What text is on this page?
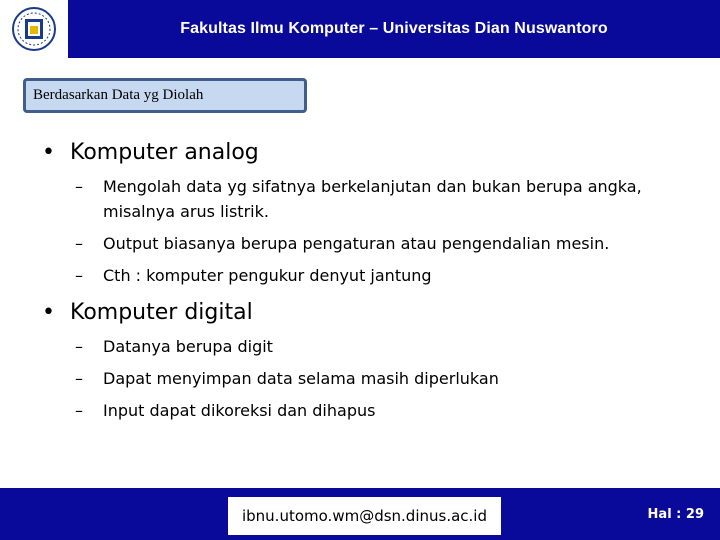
Fakultas Ilmu Komputer – Universitas Dian Nuswantoro
Berdasarkan Data yg Diolah
• Komputer analog
– Mengolah data yg sifatnya berkelanjutan dan bukan berupa angka, misalnya arus listrik.
– Output biasanya berupa pengaturan atau pengendalian mesin.
– Cth : komputer pengukur denyut jantung
• Komputer digital
– Datanya berupa digit
– Dapat menyimpan data selama masih diperlukan
– Input dapat dikoreksi dan dihapus
ibnu.utomo.wm@dsn.dinus.ac.id	Hal : 29
